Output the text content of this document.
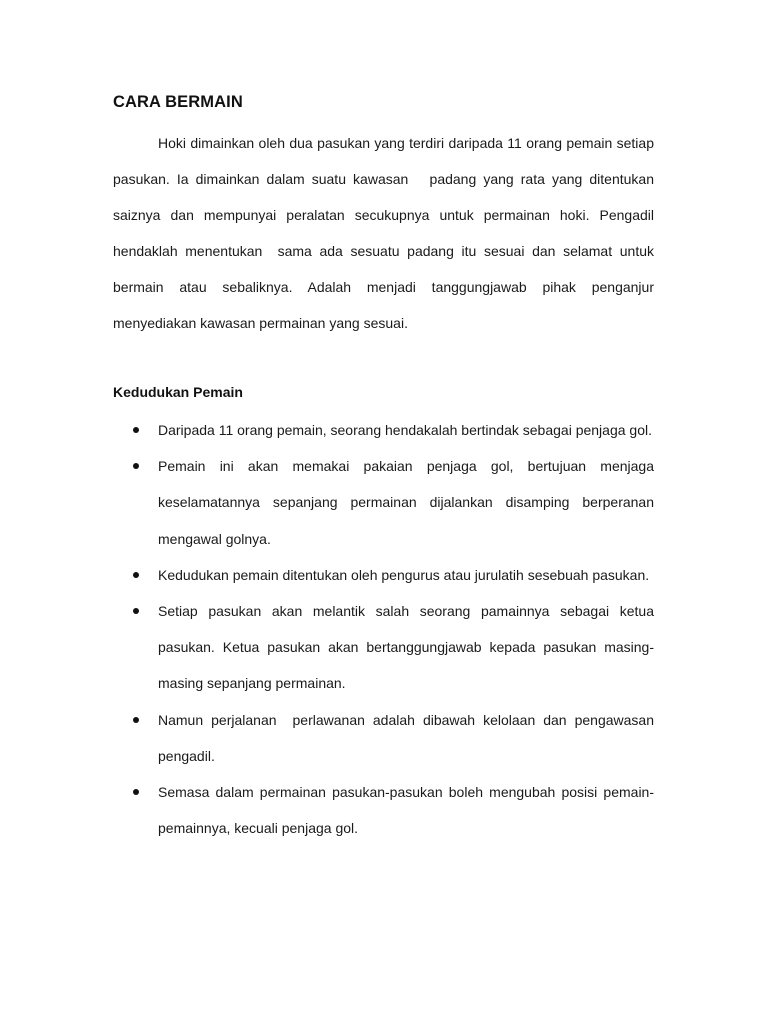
CARA BERMAIN

Hoki dimainkan oleh dua pasukan yang terdiri daripada 11 orang pemain setiap pasukan. Ia dimainkan dalam suatu kawasan   padang yang rata yang ditentukan saiznya dan mempunyai peralatan secukupnya untuk permainan hoki. Pengadil hendaklah menentukan  sama ada sesuatu padang itu sesuai dan selamat untuk bermain atau sebaliknya. Adalah menjadi tanggungjawab pihak penganjur menyediakan kawasan permainan yang sesuai.

Kedudukan Pemain
Daripada 11 orang pemain, seorang hendakalah bertindak sebagai penjaga gol.
Pemain ini akan memakai pakaian penjaga gol, bertujuan menjaga keselamatannya sepanjang permainan dijalankan disamping berperanan mengawal golnya.
Kedudukan pemain ditentukan oleh pengurus atau jurulatih sesebuah pasukan.
Setiap pasukan akan melantik salah seorang pamainnya sebagai ketua pasukan. Ketua pasukan akan bertanggungjawab kepada pasukan masing-masing sepanjang permainan.
Namun perjalanan  perlawanan adalah dibawah kelolaan dan pengawasan pengadil.
Semasa dalam permainan pasukan-pasukan boleh mengubah posisi pemain-pemainnya, kecuali penjaga gol.
